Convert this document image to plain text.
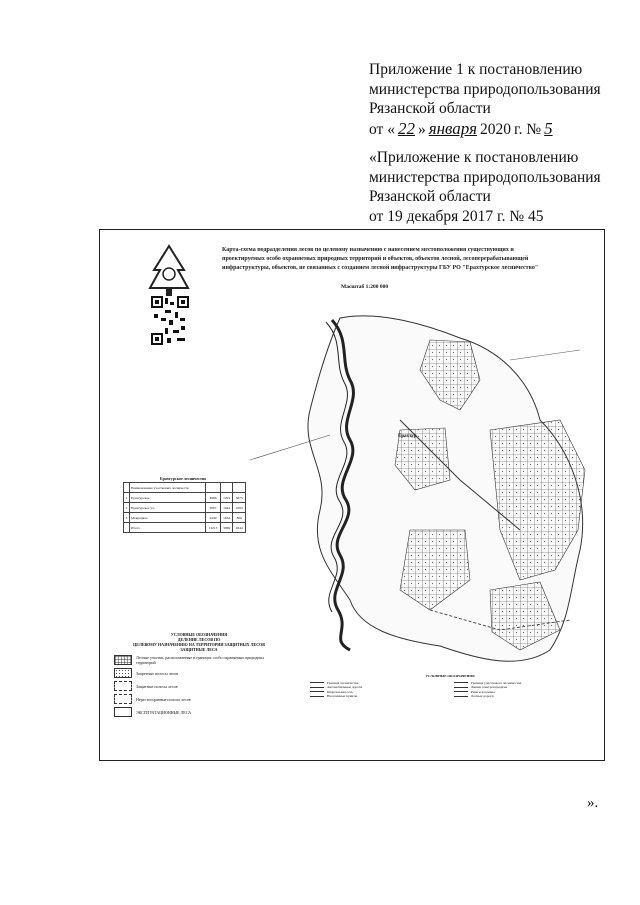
Приложение 1 к постановлению
министерства природопользования
Рязанской области
от « 22 » января 2020 г. № 5
«Приложение к постановлению
министерства природопользования
Рязанской области
от 19 декабря 2017 г. № 45
Карта-схема подразделения лесов по целевому назначению с нанесением местоположения существующих и проектируемых особо охраняемых природных территорий и объектов, объектов лесной, лесоперерабатывающей инфраструктуры, объектов, не связанных с созданием лесной инфраструктуры ГБУ РО "Ерахтурское лесничество"
Масштаб 1:200 000
Ерахтур
Ерахтурское лесничество
	Наименование участковых лесничеств			
1	Ерахтурское	4966	1291	3675
2	Ерахтурское уч.	5807	1044	4763
3	Мокрецкое	2440	1634	806
	Итого	13213	3969	9244
УСЛОВНЫЕ ОБОЗНАЧЕНИЯ
ДЕЛЕНИЕ ЛЕСОВ ПО
ЦЕЛЕВОМУ НАЗНАЧЕНИЮ НА ТЕРРИТОРИИ ЗАЩИТНЫХ ЛЕСОВ
ЗАЩИТНЫЕ ЛЕСА
Лесные участки, расположенные в границах особо охраняемых природных территорий
Запретные полосы лесов
Защитные полосы лесов
Нерестоохранные полосы лесов
ЭКСПЛУАТАЦИОННЫЕ ЛЕСА
УСЛОВНЫЕ ОБОЗНАЧЕНИЯ
Граница лесничества	Граница участкового лесничества
Автомобильные дороги	Линии электропередачи
Квартальная сеть	Реки и водоемы
Населенные пункты	Лесные дороги
».
